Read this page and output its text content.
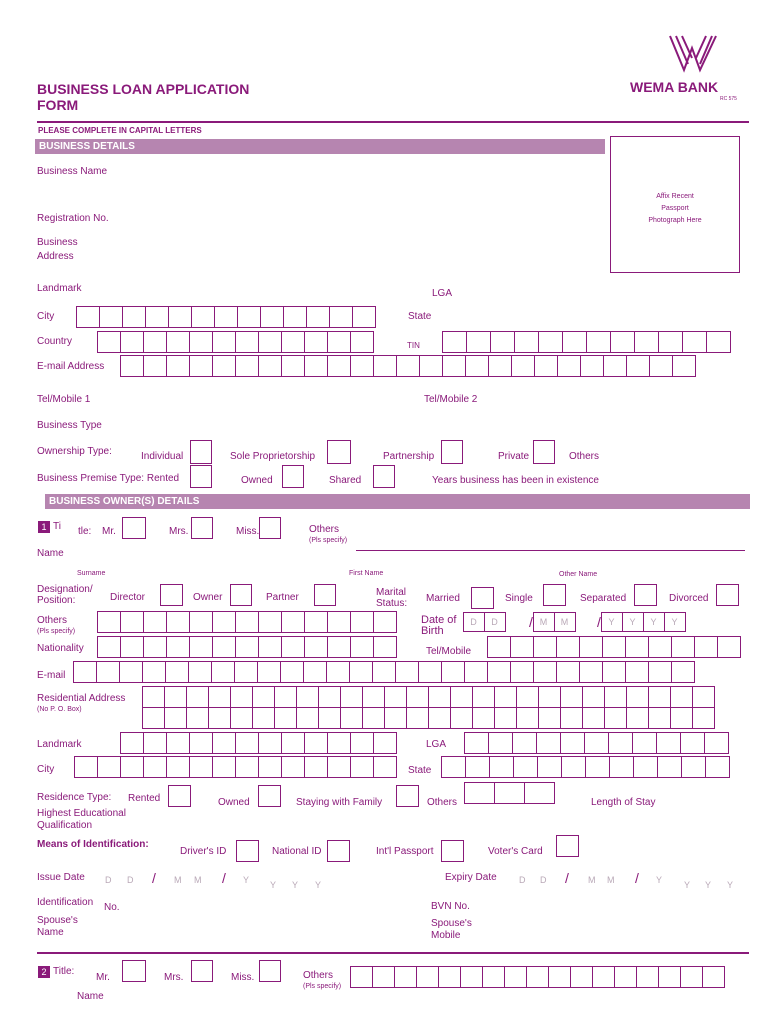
BUSINESS LOAN APPLICATION
FORM
WEMA BANK
RC 575
PLEASE COMPLETE IN CAPITAL LETTERS
BUSINESS DETAILS
Affix Recent
Passport
Photograph Here
Business Name
Registration No.
Business
Address
Landmark	LGA
City	State
Country	TIN
E-mail Address
Tel/Mobile 1	Tel/Mobile 2
Business Type
Ownership Type:	Individual	Sole Proprietorship	Partnership	Private	Others
Business Premise Type: Rented	Owned	Shared	Years business has been in existence
BUSINESS OWNER(S) DETAILS
1 Ti tle: Mr.	Mrs.	Miss.	Others
(Pls specify)
Name
Surname	First Name	Other Name
Designation/
Position:	Director	Owner	Partner	Marital
Status: Married	Single	Separated	Divorced
Others
(Pls specify)
Date of
Birth
D	D	/ M	M	/ Y	Y	Y	Y
Nationality	Tel/Mobile
E-mail
Residential Address
(No P. O. Box)
Landmark	LGA
City	State
Residence Type: Rented	Owned	Staying with Family	Others	Length of Stay
Highest Educational
Qualification
Means of Identification:
Driver's ID	National ID	Int'l Passport	Voter's Card
Issue Date D D / M M / Y Y Y Y
Expiry Date D D / M M / Y Y Y Y
Identification No.	BVN No.
Spouse's
Name
Spouse's
Mobile
2 Title:
Mr.	Mrs.	Miss.	Others
(Pls specify)
Name
